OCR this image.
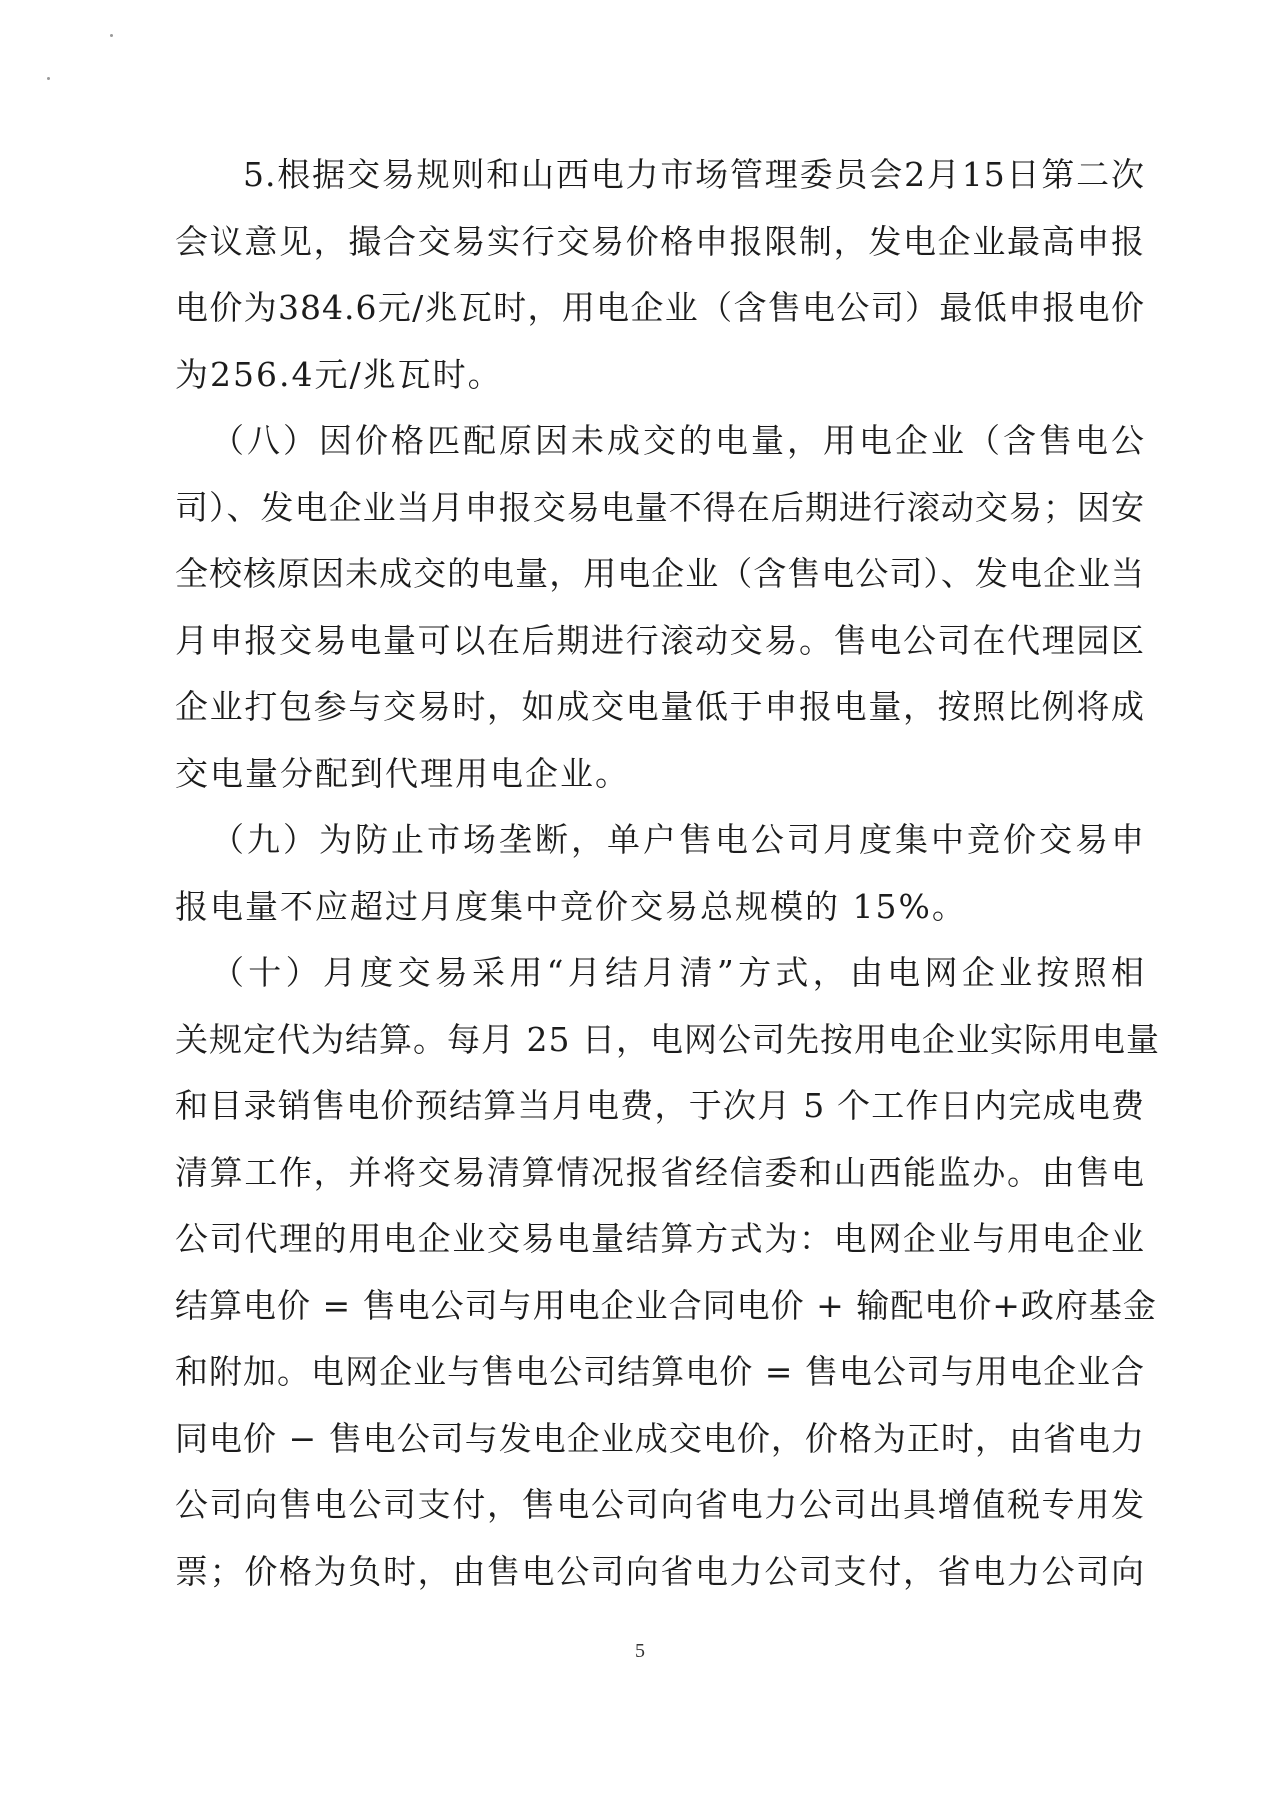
5.根据交易规则和山西电力市场管理委员会2月15日第二次
会议意见，撮合交易实行交易价格申报限制，发电企业最高申报
电价为384.6元/兆瓦时，用电企业（含售电公司）最低申报电价
为256.4元/兆瓦时。
（八）因价格匹配原因未成交的电量，用电企业（含售电公
司）、发电企业当月申报交易电量不得在后期进行滚动交易；因安
全校核原因未成交的电量，用电企业（含售电公司）、发电企业当
月申报交易电量可以在后期进行滚动交易。售电公司在代理园区
企业打包参与交易时，如成交电量低于申报电量，按照比例将成
交电量分配到代理用电企业。
（九）为防止市场垄断，单户售电公司月度集中竞价交易申
报电量不应超过月度集中竞价交易总规模的 15%。
（十）月度交易采用“月结月清”方式，由电网企业按照相
关规定代为结算。每月 25 日，电网公司先按用电企业实际用电量
和目录销售电价预结算当月电费，于次月 5 个工作日内完成电费
清算工作，并将交易清算情况报省经信委和山西能监办。由售电
公司代理的用电企业交易电量结算方式为：电网企业与用电企业
结算电价 = 售电公司与用电企业合同电价 + 输配电价+政府基金
和附加。电网企业与售电公司结算电价 = 售电公司与用电企业合
同电价 − 售电公司与发电企业成交电价，价格为正时，由省电力
公司向售电公司支付，售电公司向省电力公司出具增值税专用发
票；价格为负时，由售电公司向省电力公司支付，省电力公司向
5
